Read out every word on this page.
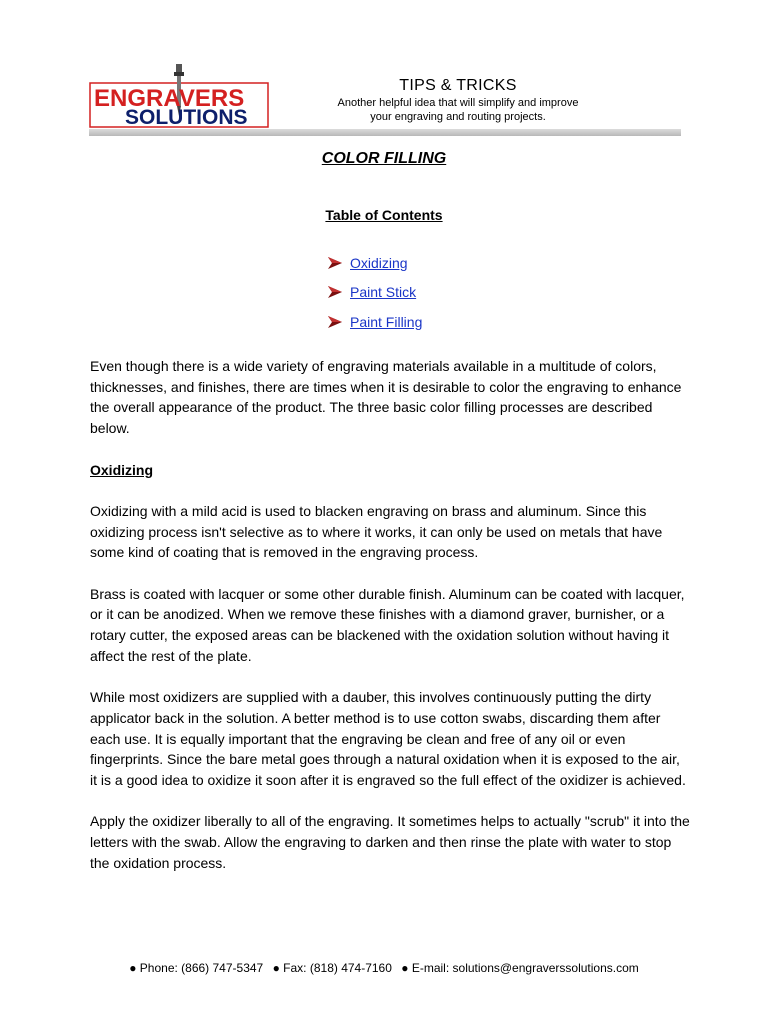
ENGRAVERS
SOLUTIONS
TIPS & TRICKS
Another helpful idea that will simplify and improve
your engraving and routing projects.
COLOR FILLING
Table of Contents
Oxidizing
Paint Stick
Paint Filling

Even though there is a wide variety of engraving materials available in a multitude of colors, thicknesses, and finishes, there are times when it is desirable to color the engraving to enhance the overall appearance of the product. The three basic color filling processes are described below.

Oxidizing

Oxidizing with a mild acid is used to blacken engraving on brass and aluminum. Since this oxidizing process isn't selective as to where it works, it can only be used on metals that have some kind of coating that is removed in the engraving process.

Brass is coated with lacquer or some other durable finish. Aluminum can be coated with lacquer, or it can be anodized. When we remove these finishes with a diamond graver, burnisher, or a rotary cutter, the exposed areas can be blackened with the oxidation solution without having it affect the rest of the plate.

While most oxidizers are supplied with a dauber, this involves continuously putting the dirty applicator back in the solution. A better method is to use cotton swabs, discarding them after each use. It is equally important that the engraving be clean and free of any oil or even fingerprints. Since the bare metal goes through a natural oxidation when it is exposed to the air, it is a good idea to oxidize it soon after it is engraved so the full effect of the oxidizer is achieved.

Apply the oxidizer liberally to all of the engraving. It sometimes helps to actually "scrub" it into the letters with the swab. Allow the engraving to darken and then rinse the plate with water to stop the oxidation process.

● Phone: (866) 747-5347 ● Fax: (818) 474-7160 ● E-mail: solutions@engraverssolutions.com
